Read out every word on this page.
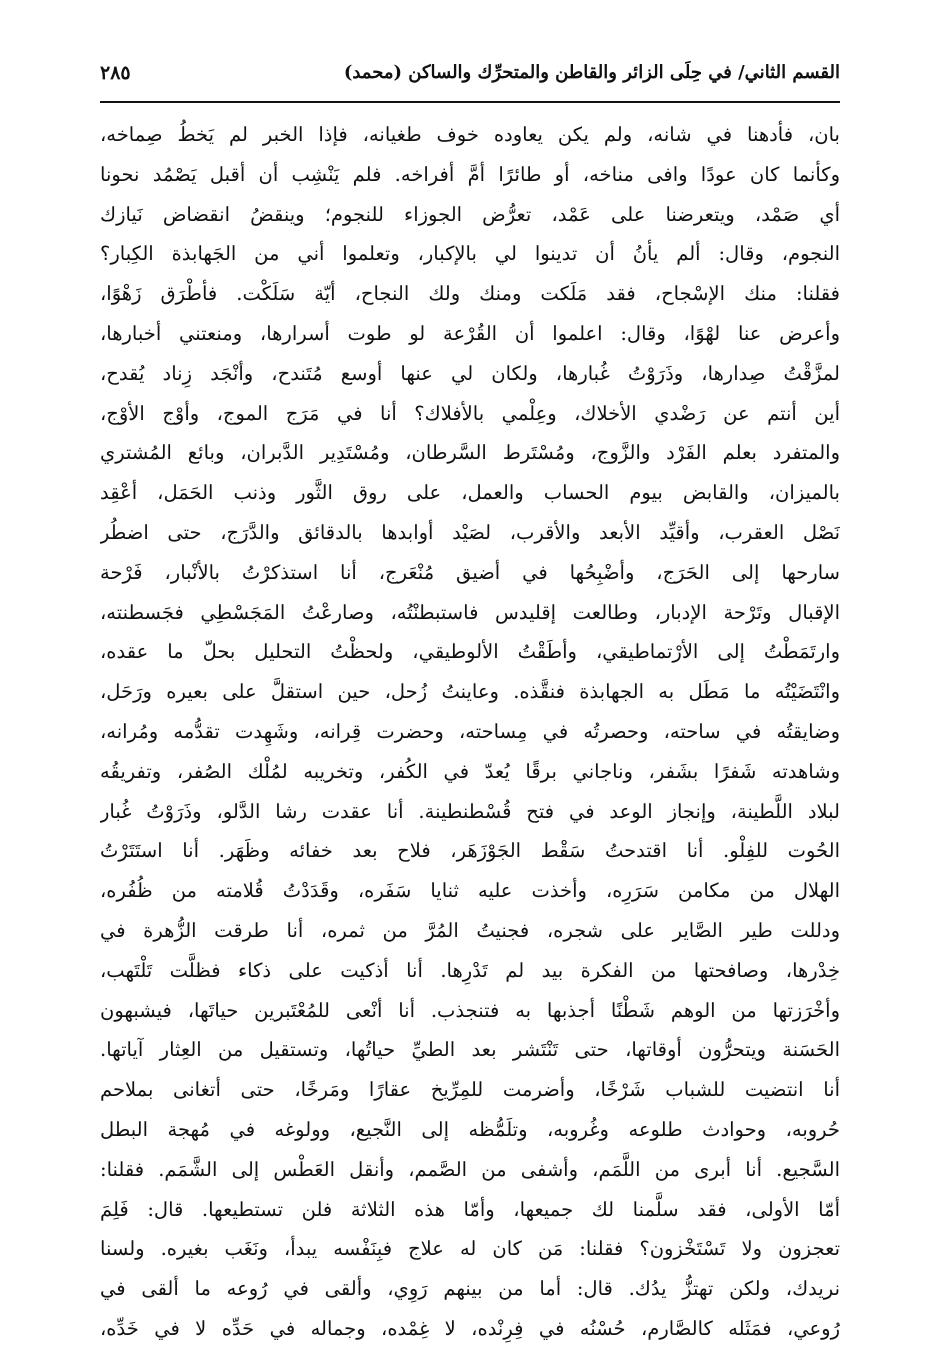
القسم الثاني/ في حِلَى الزائر والقاطن والمتحرِّك والساكن (محمد)
٢٨٥
بان، فأدهنا في شانه، ولم يكن يعاوده خوف طغيانه، فإذا الخبر لم يَخطُ صِماخه،
وكأنما كان عودًا وافى مناخه، أو طائرًا أمَّ أفراخه. فلم يَنْشِب أن أقبل يَصْمُد نحونا
أي صَمْد، ويتعرضنا على عَمْد، تعرُّض الجوزاء للنجوم؛ وينقضُ انقضاض نَيازك
النجوم، وقال: ألم يأنُ أن تدينوا لي بالإكبار، وتعلموا أني من الجَهابذة الكِبار؟
فقلنا: منك الإسْجاح، فقد مَلَكت ومنك ولك النجاح، أيّة سَلَكْت. فأطْرَق زَهْوًا،
وأعرض عنا لهْوًا، وقال: اعلموا أن القُرْعة لو طوت أسرارها، ومنعتني أخبارها،
لمزَّقْتُ صِدارها، وذَرَوْتُ غُبارها، ولكان لي عنها أوسع مُتَندح، وأنْجَد زِناد يُقدح،
أين أنتم عن رَضْدي الأخلاك، وعِلْمي بالأفلاك؟ أنا في مَرَج الموج، وأوْج الأوْج،
والمتفرد بعلم الفَرْد والزَّوج، ومُسْتَرط السَّرطان، ومُسْتَدِير الدَّبران، وبائع المُشتري
بالميزان، والقابض بيوم الحساب والعمل، على روق الثَّور وذنب الحَمَل، أعْقِد
نَصْل العقرب، وأقيِّد الأبعد والأقرب، لصَيْد أوابدها بالدقائق والدَّرَج، حتى اضطُر
سارحها إلى الحَرَج، وأضْبِحُها في أضيق مُنْعَرج، أنا استذكرْتُ بالأنْبار، فَرْحة
الإقبال وتَرْحة الإدبار، وطالعت إقليدس فاستبطنْتُه، وصارعْتُ المَجَسْطِي فجَسطنته،
وارتَمَطْتُ إلى الأرْتماطيقي، وأطَقْتُ الألوطيقي، ولحظْتُ التحليل بحلّ ما عقده،
وانْتَضَيْتُه ما مَطَل به الجهابذة فنقَّذه. وعاينتُ زُحل، حين استقلَّ على بعيره ورَحَل،
وضايقتُه في ساحته، وحصرتُه في مِساحته، وحضرت قِرانه، وشَهِدت تقدُّمه ومُرانه،
وشاهدته شَفرًا بشَفر، وناجاني برقًا يُعدّ في الكُفر، وتخريبه لمُلْك الصُفر، وتفريقُه
لبلاد اللَّطينة، وإنجاز الوعد في فتح قُسْطنطينة. أنا عقدت رشا الدَّلو، وذَرَوْتُ غُبار
الحُوت للفِلْو. أنا اقتدحتُ سَقْط الجَوْزَهَر، فلاح بعد خفائه وظَهَر. أنا استَتَرْتُ
الهلال من مكامن سَرَرِه، وأخذت عليه ثنايا سَفَره، وقَدَدْتُ قُلامته من ظُفُره،
ودللت طير الصَّاير على شجره، فجنيتُ المُرَّ من ثمره، أنا طرقت الزُّهرة في
خِدْرها، وصافحتها من الفكرة بيد لم تَدْرِها. أنا أذكيت على ذكاء فظلَّت تَلْتَهب،
وأخْرَزتها من الوهم شَطْنًا أجذبها به فتنجذب. أنا أنْعى للمُعْتَبرين حياتَها، فيشبهون
الحَسَنة ويتحرُّون أوقاتها، حتى تَنْتَشر بعد الطيِّ حياتُها، وتستقيل من العِثار آياتها.
أنا انتضيت للشباب شَرْخًا، وأضرمت للمِرِّيخ عقارًا ومَرخًا، حتى أتغانى بملاحم
حُروبه، وحوادث طلوعه وغُروبه، وتلَمُّظه إلى النَّجيع، وولوغه في مُهجة البطل
السَّجيع. أنا أبرى من اللَّمَم، وأشفى من الصَّمم، وأنقل العَطْس إلى الشَّمَم. فقلنا:
أمّا الأولى، فقد سلَّمنا لك جميعها، وأمّا هذه الثلاثة فلن تستطيعها. قال: فَلِمَ
تعجزون ولا تَسْتَخْزون؟ فقلنا: مَن كان له علاج فبِنَفْسه يبدأ، ونَغَب بغيره. ولسنا
نريدك، ولكن تهتزُّ يدُك. قال: أما من بينهم رَوِي، وألقى في رُوعه ما ألقى في
رُوعي، فمَثَله كالصَّارم، حُسْنُه في فِرِنْده، لا غِمْده، وجماله في حَدِّه لا في خَدِّه،
